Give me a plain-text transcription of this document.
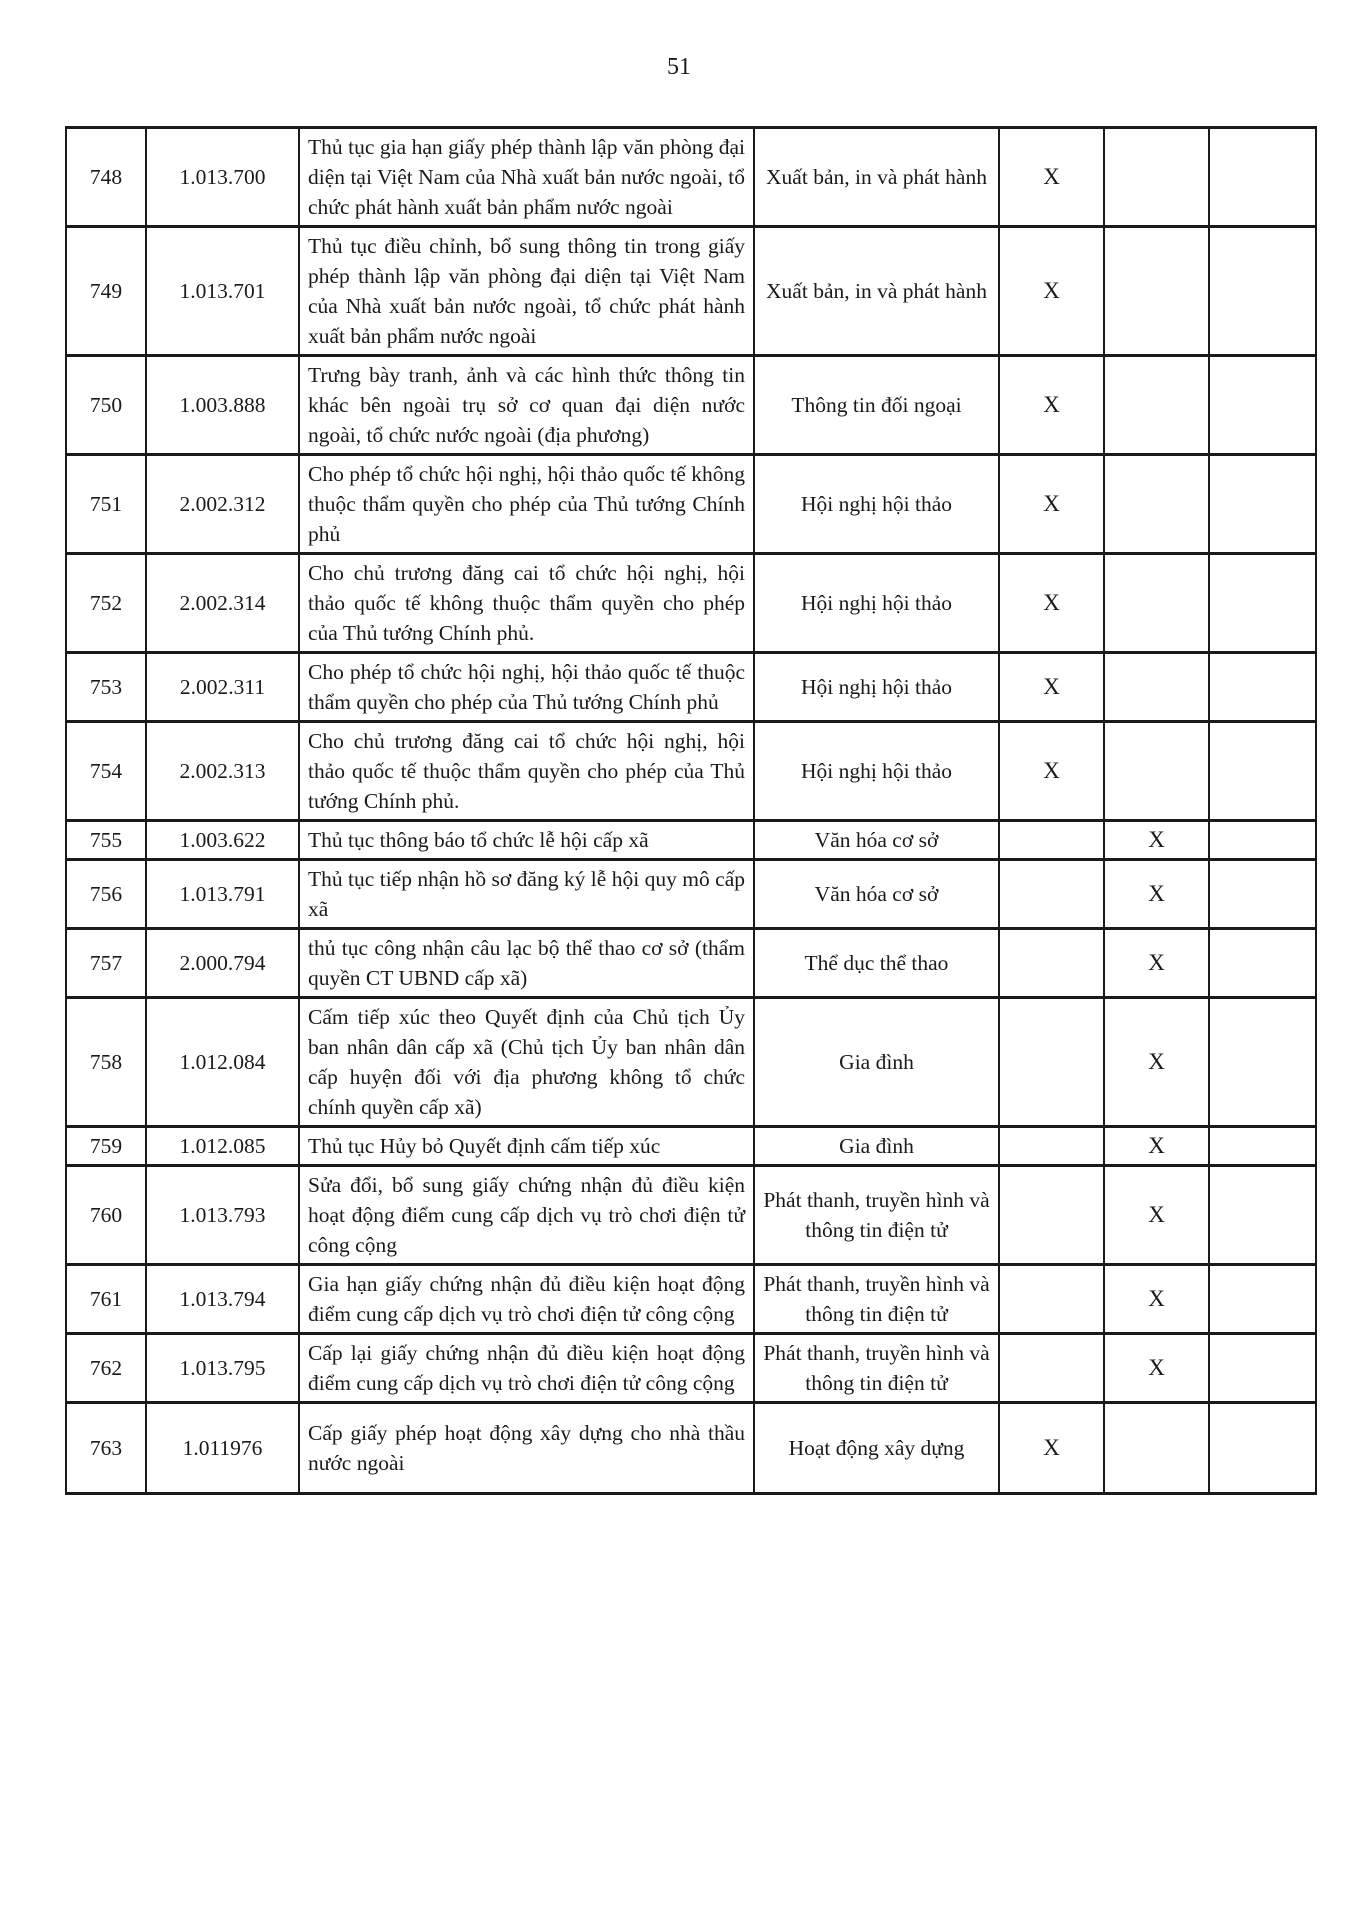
51
748	1.013.700	Thủ tục gia hạn giấy phép thành lập văn phòng đại diện tại Việt Nam của Nhà xuất bản nước ngoài, tổ chức phát hành xuất bản phẩm nước ngoài	Xuất bản, in và phát hành	X		
749	1.013.701	Thủ tục điều chỉnh, bổ sung thông tin trong giấy phép thành lập văn phòng đại diện tại Việt Nam của Nhà xuất bản nước ngoài, tổ chức phát hành xuất bản phẩm nước ngoài	Xuất bản, in và phát hành	X		
750	1.003.888	Trưng bày tranh, ảnh và các hình thức thông tin khác bên ngoài trụ sở cơ quan đại diện nước ngoài, tổ chức nước ngoài (địa phương)	Thông tin đối ngoại	X		
751	2.002.312	Cho phép tổ chức hội nghị, hội thảo quốc tế không thuộc thẩm quyền cho phép của Thủ tướng Chính phủ	Hội nghị hội thảo	X		
752	2.002.314	Cho chủ trương đăng cai tổ chức hội nghị, hội thảo quốc tế không thuộc thẩm quyền cho phép của Thủ tướng Chính phủ.	Hội nghị hội thảo	X		
753	2.002.311	Cho phép tổ chức hội nghị, hội thảo quốc tế thuộc thẩm quyền cho phép của Thủ tướng Chính phủ	Hội nghị hội thảo	X		
754	2.002.313	Cho chủ trương đăng cai tổ chức hội nghị, hội thảo quốc tế thuộc thẩm quyền cho phép của Thủ tướng Chính phủ.	Hội nghị hội thảo	X		
755	1.003.622	Thủ tục thông báo tổ chức lễ hội cấp xã	Văn hóa cơ sở		X	
756	1.013.791	Thủ tục tiếp nhận hồ sơ đăng ký lễ hội quy mô cấp xã	Văn hóa cơ sở		X	
757	2.000.794	thủ tục công nhận câu lạc bộ thể thao cơ sở (thẩm quyền CT UBND cấp xã)	Thể dục thể thao		X	
758	1.012.084	Cấm tiếp xúc theo Quyết định của Chủ tịch Ủy ban nhân dân cấp xã (Chủ tịch Ủy ban nhân dân cấp huyện đối với địa phương không tổ chức chính quyền cấp xã)	Gia đình		X	
759	1.012.085	Thủ tục Hủy bỏ Quyết định cấm tiếp xúc	Gia đình		X	
760	1.013.793	Sửa đổi, bổ sung giấy chứng nhận đủ điều kiện hoạt động điểm cung cấp dịch vụ trò chơi điện tử công cộng	Phát thanh, truyền hình và thông tin điện tử		X	
761	1.013.794	Gia hạn giấy chứng nhận đủ điều kiện hoạt động điểm cung cấp dịch vụ trò chơi điện tử công cộng	Phát thanh, truyền hình và thông tin điện tử		X	
762	1.013.795	Cấp lại giấy chứng nhận đủ điều kiện hoạt động điểm cung cấp dịch vụ trò chơi điện tử công cộng	Phát thanh, truyền hình và thông tin điện tử		X	
763	1.011976	Cấp giấy phép hoạt động xây dựng cho nhà thầu nước ngoài	Hoạt động xây dựng	X		
